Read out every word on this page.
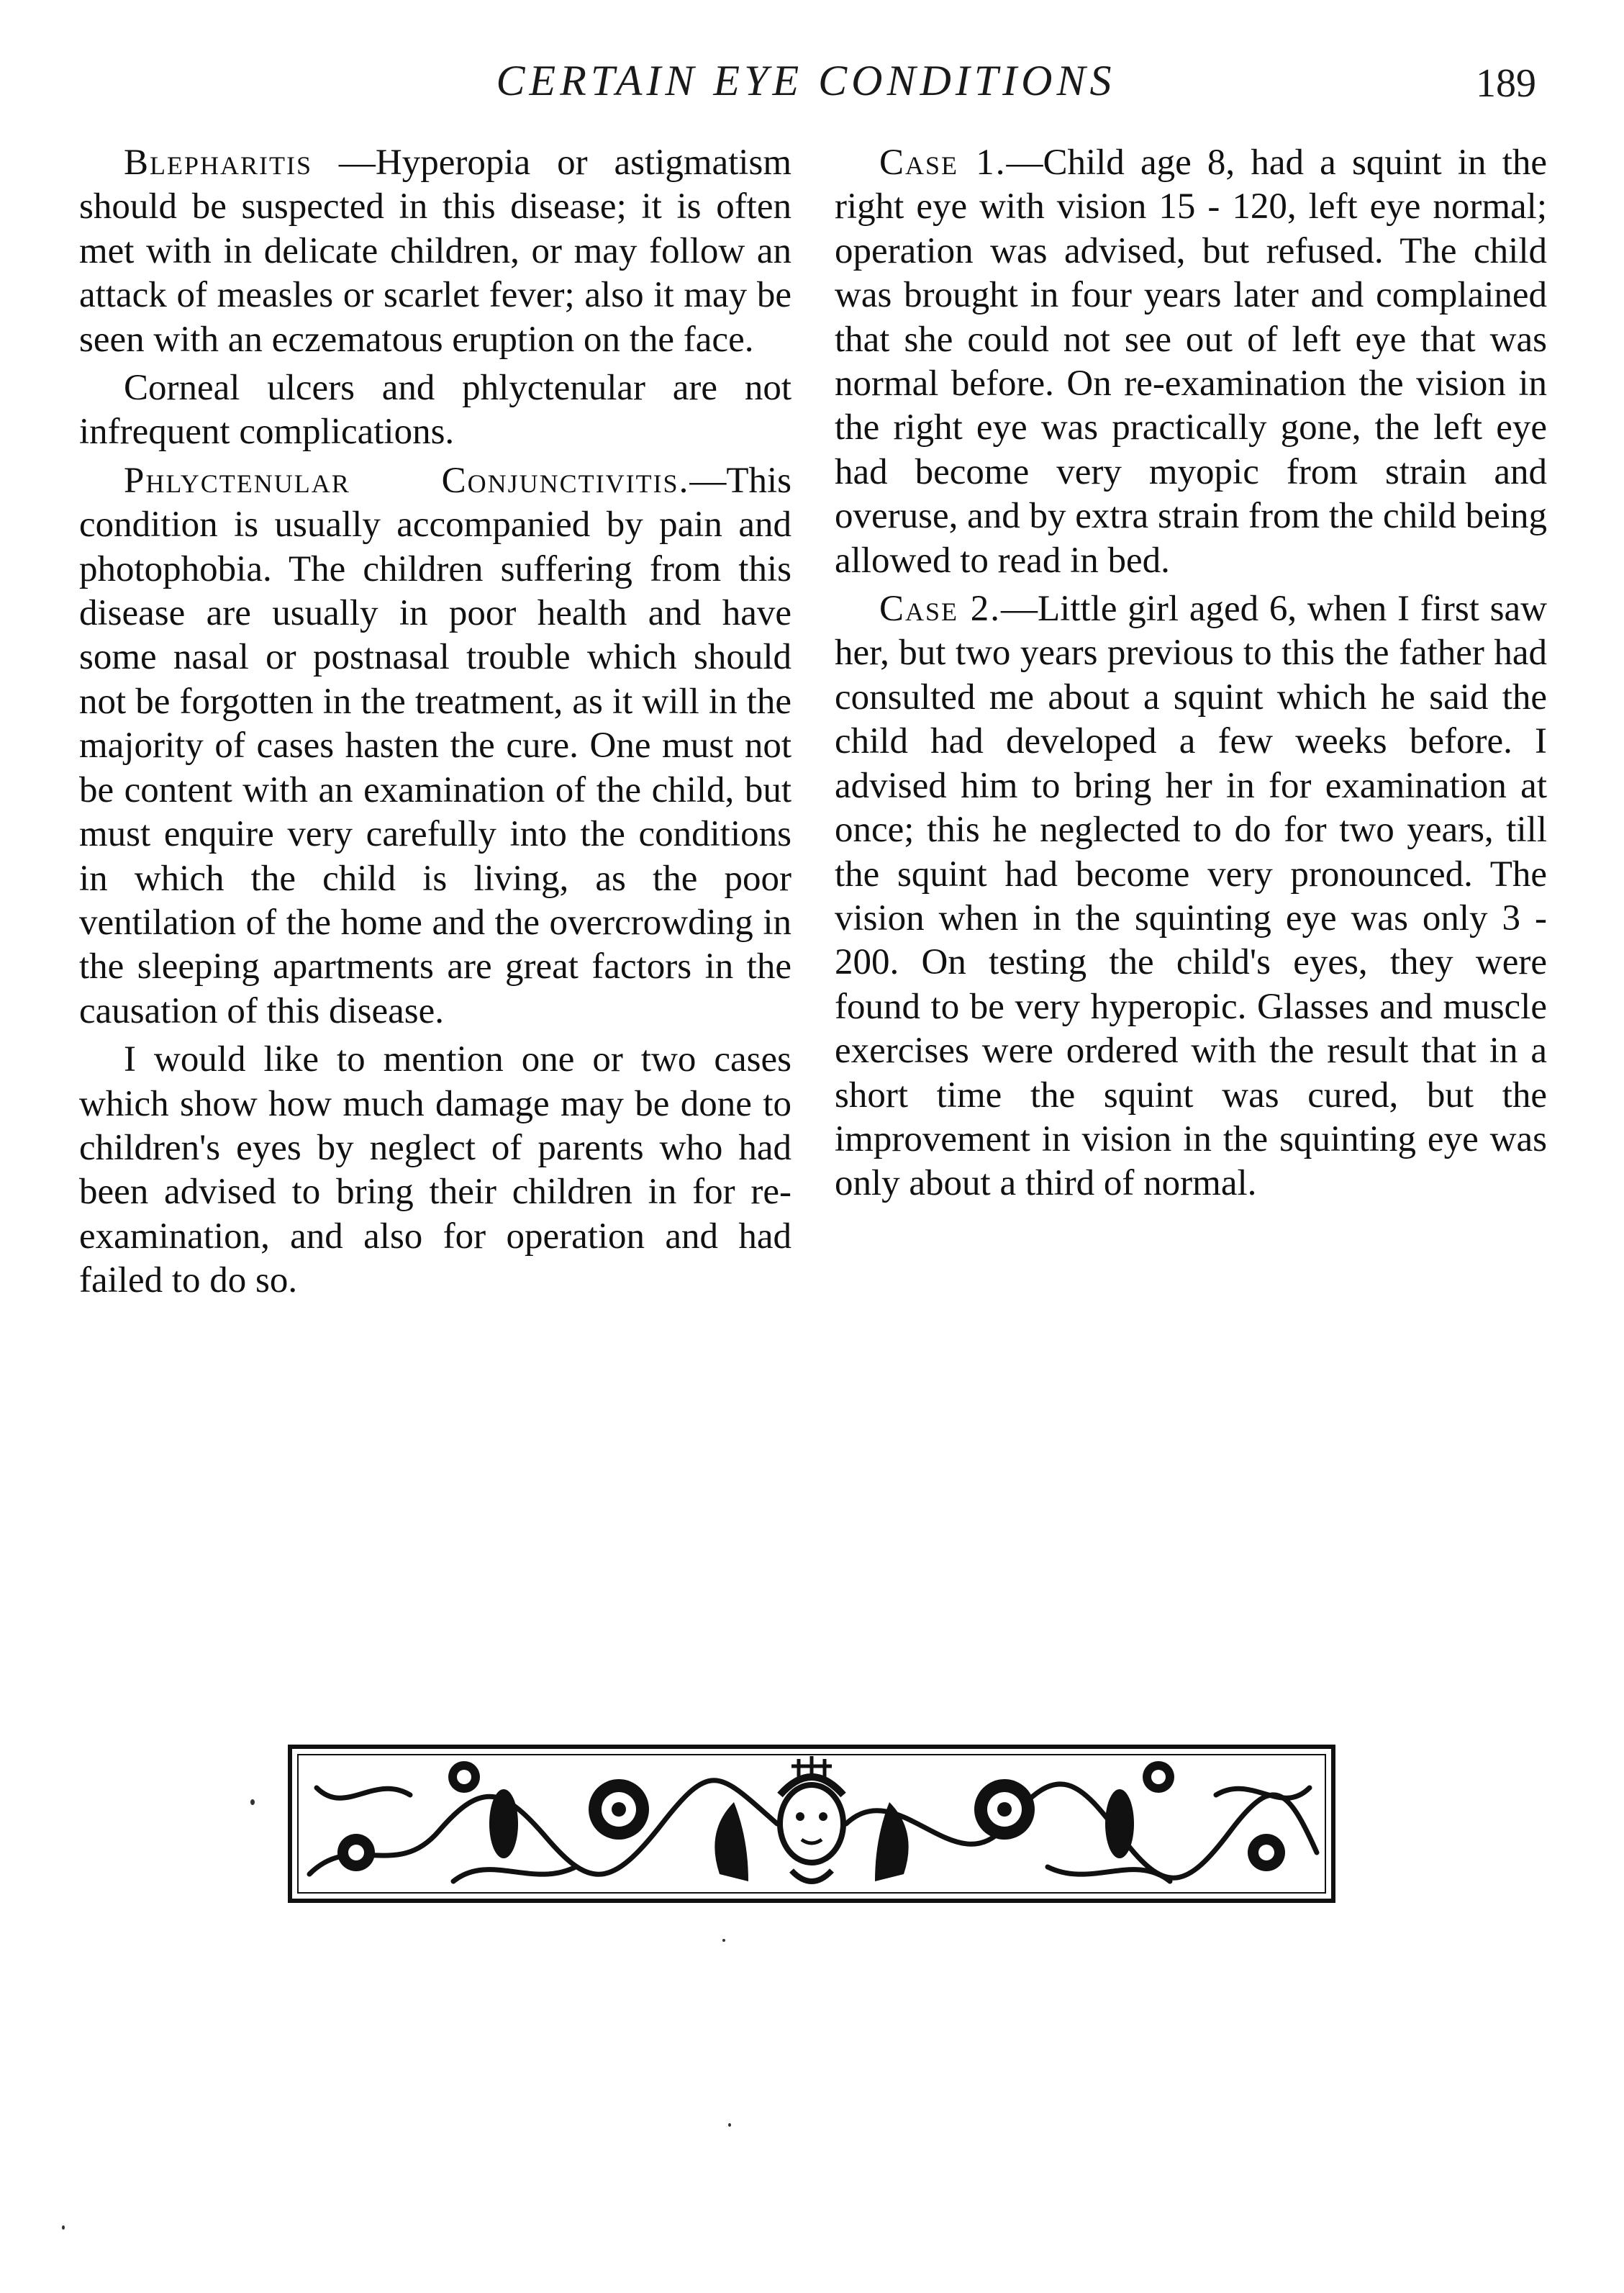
CERTAIN EYE CONDITIONS	189

Blepharitis —Hyperopia or astigmatism should be suspected in this disease; it is often met with in delicate children, or may follow an attack of measles or scarlet fever; also it may be seen with an eczematous eruption on the face.

Corneal ulcers and phlyctenular are not infrequent complications.

Phlyctenular Conjunctivitis.—This condition is usually accompanied by pain and photophobia. The children suffering from this disease are usually in poor health and have some nasal or postnasal trouble which should not be forgotten in the treatment, as it will in the majority of cases hasten the cure. One must not be content with an examination of the child, but must enquire very carefully into the conditions in which the child is living, as the poor ventilation of the home and the overcrowding in the sleeping apartments are great factors in the causation of this disease.

I would like to mention one or two cases which show how much damage may be done to children's eyes by neglect of parents who had been advised to bring their children in for re-examination, and also for operation and had failed to do so.

Case 1.—Child age 8, had a squint in the right eye with vision 15 - 120, left eye normal; operation was advised, but refused. The child was brought in four years later and complained that she could not see out of left eye that was normal before. On re-examination the vision in the right eye was practically gone, the left eye had become very myopic from strain and overuse, and by extra strain from the child being allowed to read in bed.

Case 2.—Little girl aged 6, when I first saw her, but two years previous to this the father had consulted me about a squint which he said the child had developed a few weeks before. I advised him to bring her in for examination at once; this he neglected to do for two years, till the squint had become very pronounced. The vision when in the squinting eye was only 3 - 200. On testing the child's eyes, they were found to be very hyperopic. Glasses and muscle exercises were ordered with the result that in a short time the squint was cured, but the improvement in vision in the squinting eye was only about a third of normal.
